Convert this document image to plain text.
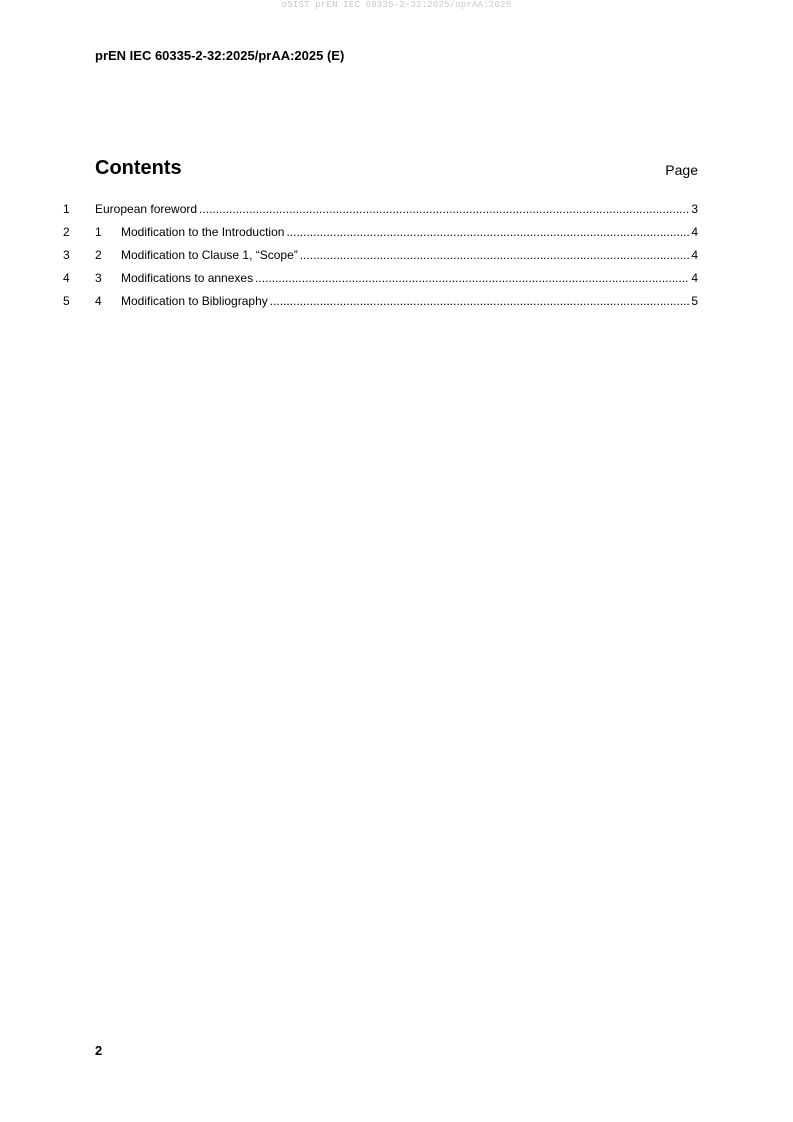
oSIST prEN IEC 60335-2-32:2025/oprAA:2025
prEN IEC 60335-2-32:2025/prAA:2025 (E)
Contents	Page
1	European foreword .....	3
2	1	Modification to the Introduction .....	4
3	2	Modification to Clause 1, “Scope” .....	4
4	3	Modifications to annexes .....	4
5	4	Modification to Bibliography .....	5
2
